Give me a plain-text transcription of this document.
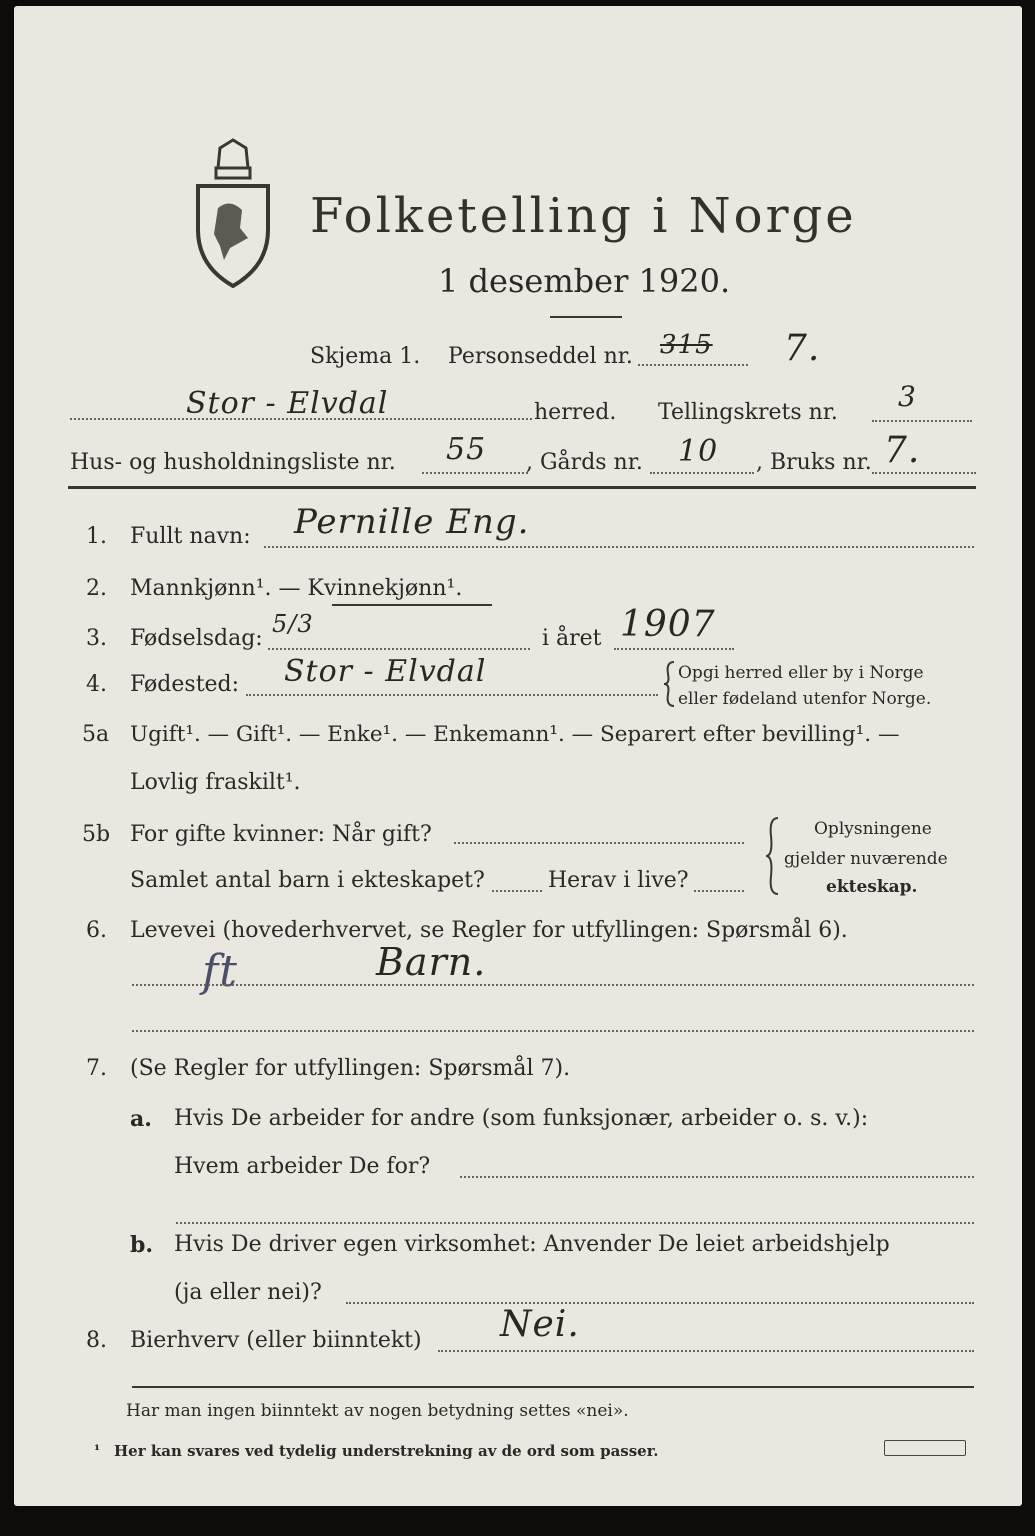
Folketelling i Norge
1 desember 1920.
Skjema 1. Personseddel nr. 315 7.
Stor - Elvdal	herred. Tellingskrets nr. 3
Hus- og husholdningsliste nr. 55 , Gårds nr. 10 , Bruks nr. 7.
1. Fullt navn: Pernille Eng.
2. Mannkjønn¹. — Kvinnekjønn¹.
3. Fødselsdag:
5/3
i året 1907
4. Fødested: Stor - Elvdal	Opgi herred eller by i Norge
eller fødeland utenfor Norge.
5a Ugift¹. — Gift¹. — Enke¹. — Enkemann¹. — Separert efter bevilling¹. —
Lovlig fraskilt¹.
5b For gifte kvinner: Når gift?
Samlet antal barn i ekteskapet?	Herav i live?
Oplysningene
gjelder nuværende
ekteskap.
6. Levevei (hovederhvervet, se Regler for utfyllingen: Spørsmål 6).
ft	Barn.
7. (Se Regler for utfyllingen: Spørsmål 7).
a. Hvis De arbeider for andre (som funksjonær, arbeider o. s. v.):
Hvem arbeider De for?
b. Hvis De driver egen virksomhet: Anvender De leiet arbeidshjelp
(ja eller nei)?
8. Bierhverv (eller biinntekt) Nei.
Har man ingen biinntekt av nogen betydning settes «nei».
¹ Her kan svares ved tydelig understrekning av de ord som passer.
